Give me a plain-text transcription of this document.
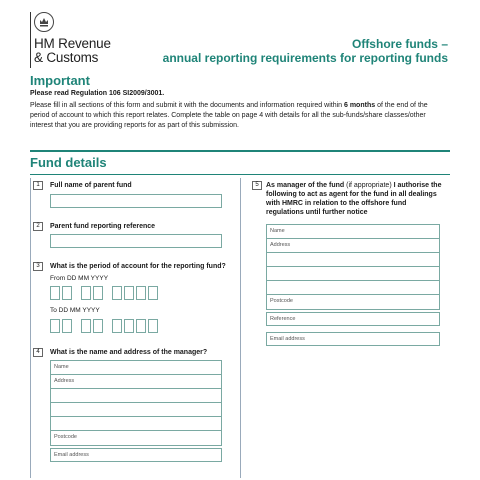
HM Revenue
& Customs
Offshore funds –
annual reporting requirements for reporting funds
Important
Please read Regulation 106 SI2009/3001.
Please fill in all sections of this form and submit it with the documents and information required within 6 months of the end of the period of account to which this report relates. Complete the table on page 4 with details for all the sub-funds/share classes/other interest that you are providing reports for as part of this submission.
Fund details
1	Full name of parent fund
2	Parent fund reporting reference
3	What is the period of account for the reporting fund?
From DD MM YYYY
To DD MM YYYY
4	What is the name and address of the manager?
Name
Address
Postcode
Email address
5	As manager of the fund (if appropriate) I authorise the following to act as agent for the fund in all dealings with HMRC in relation to the offshore fund regulations until further notice
Name
Address
Postcode
Reference
Email address
